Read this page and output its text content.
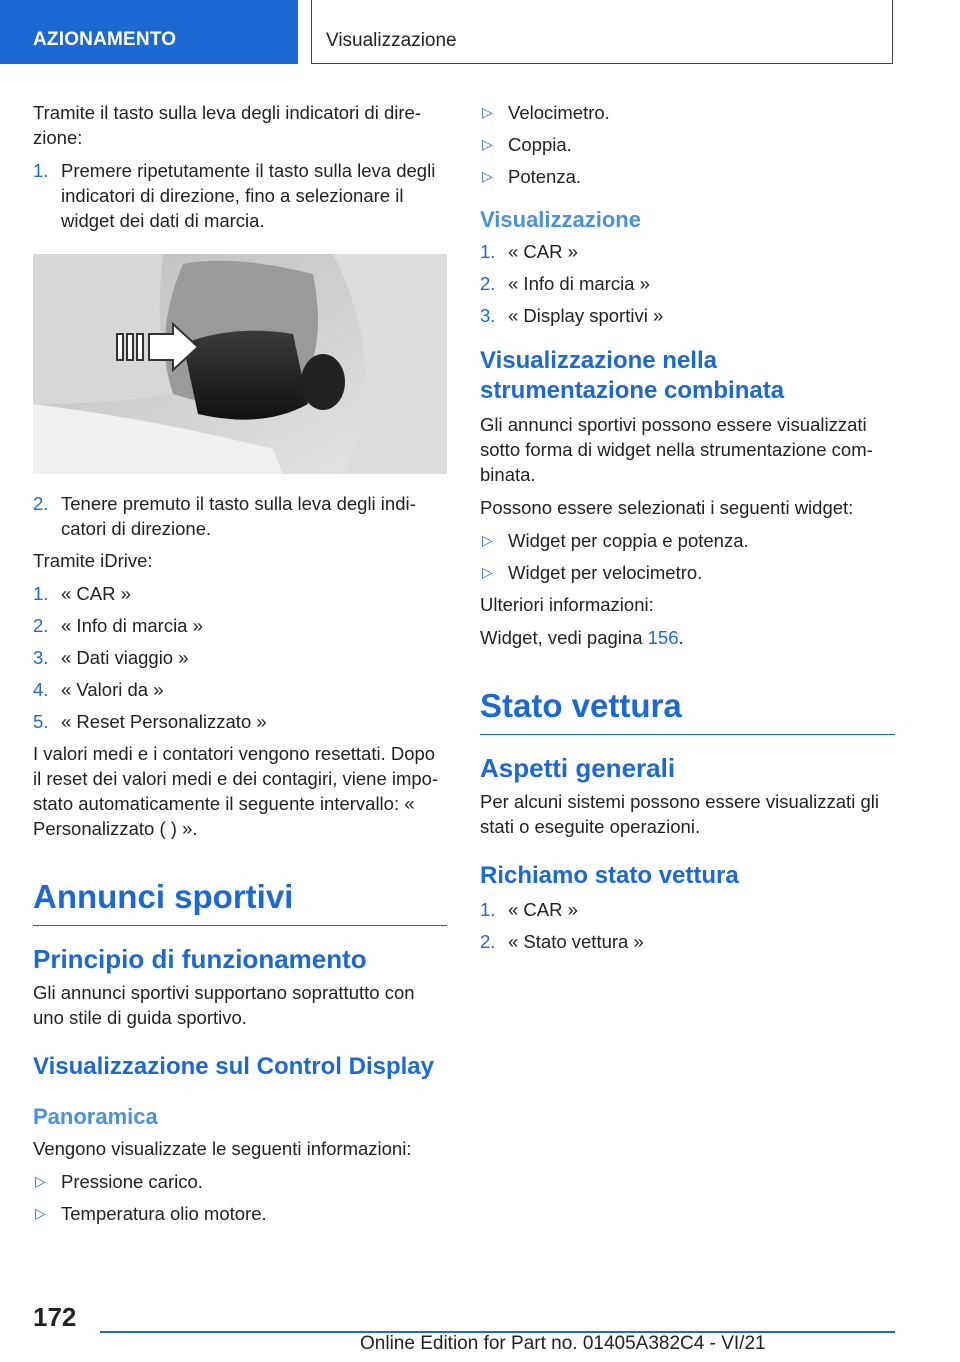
AZIONAMENTO	Visualizzazione

Tramite il tasto sulla leva degli indicatori di dire-zione:

1. Premere ripetutamente il tasto sulla leva degli indicatori di direzione, fino a selezionare il widget dei dati di marcia.
2. Tenere premuto il tasto sulla leva degli indi-catori di direzione.

Tramite iDrive:

1. « CAR »
2. « Info di marcia »
3. « Dati viaggio »
4. « Valori da »
5. « Reset Personalizzato »

I valori medi e i contatori vengono resettati. Dopo il reset dei valori medi e dei contagiri, viene impo-stato automaticamente il seguente intervallo: « Personalizzato ( ) ».

Annunci sportivi
Principio di funzionamento

Gli annunci sportivi supportano soprattutto con uno stile di guida sportivo.

Visualizzazione sul Control Display
Panoramica

Vengono visualizzate le seguenti informazioni:

▷ Pressione carico.
▷ Temperatura olio motore.
▷ Velocimetro.
▷ Coppia.
▷ Potenza.
Visualizzazione
1. « CAR »
2. « Info di marcia »
3. « Display sportivi »
Visualizzazione nella strumentazione combinata

Gli annunci sportivi possono essere visualizzati sotto forma di widget nella strumentazione com-binata.

Possono essere selezionati i seguenti widget:

▷ Widget per coppia e potenza.
▷ Widget per velocimetro.

Ulteriori informazioni:

Widget, vedi pagina 156.

Stato vettura
Aspetti generali

Per alcuni sistemi possono essere visualizzati gli stati o eseguite operazioni.

Richiamo stato vettura
1. « CAR »
2. « Stato vettura »
172
Online Edition for Part no. 01405A382C4 - VI/21
